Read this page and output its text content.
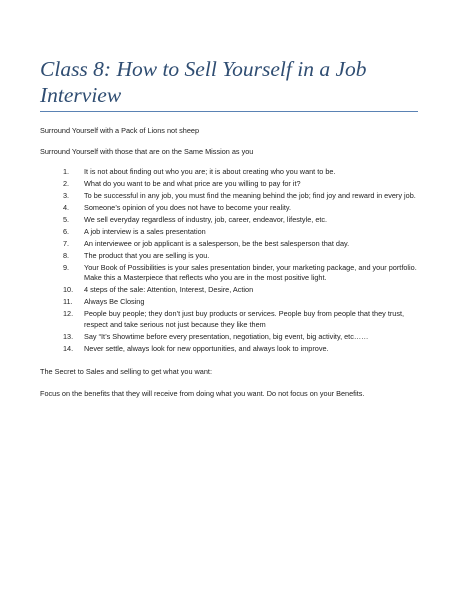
Class 8: How to Sell Yourself in a Job Interview

Surround Yourself with a Pack of Lions not sheep

Surround Yourself with those that are on the Same Mission as you

1. It is not about finding out who you are; it is about creating who you want to be.
2. What do you want to be and what price are you willing to pay for it?
3. To be successful in any job, you must find the meaning behind the job; find joy and reward in every job.
4. Someone’s opinion of you does not have to become your reality.
5. We sell everyday regardless of industry, job, career, endeavor, lifestyle, etc.
6. A job interview is a sales presentation
7. An interviewee or job applicant is a salesperson, be the best salesperson that day.
8. The product that you are selling is you.
9. Your Book of Possibilities is your sales presentation binder, your marketing package, and your portfolio. Make this a Masterpiece that reflects who you are in the most positive light.
10. 4 steps of the sale: Attention, Interest, Desire, Action
11. Always Be Closing
12. People buy people; they don’t just buy products or services. People buy from people that they trust, respect and take serious not just because they like them
13. Say “It’s Showtime before every presentation, negotiation, big event, big activity, etc……
14. Never settle, always look for new opportunities, and always look to improve.

The Secret to Sales and selling to get what you want:

Focus on the benefits that they will receive from doing what you want. Do not focus on your Benefits.
